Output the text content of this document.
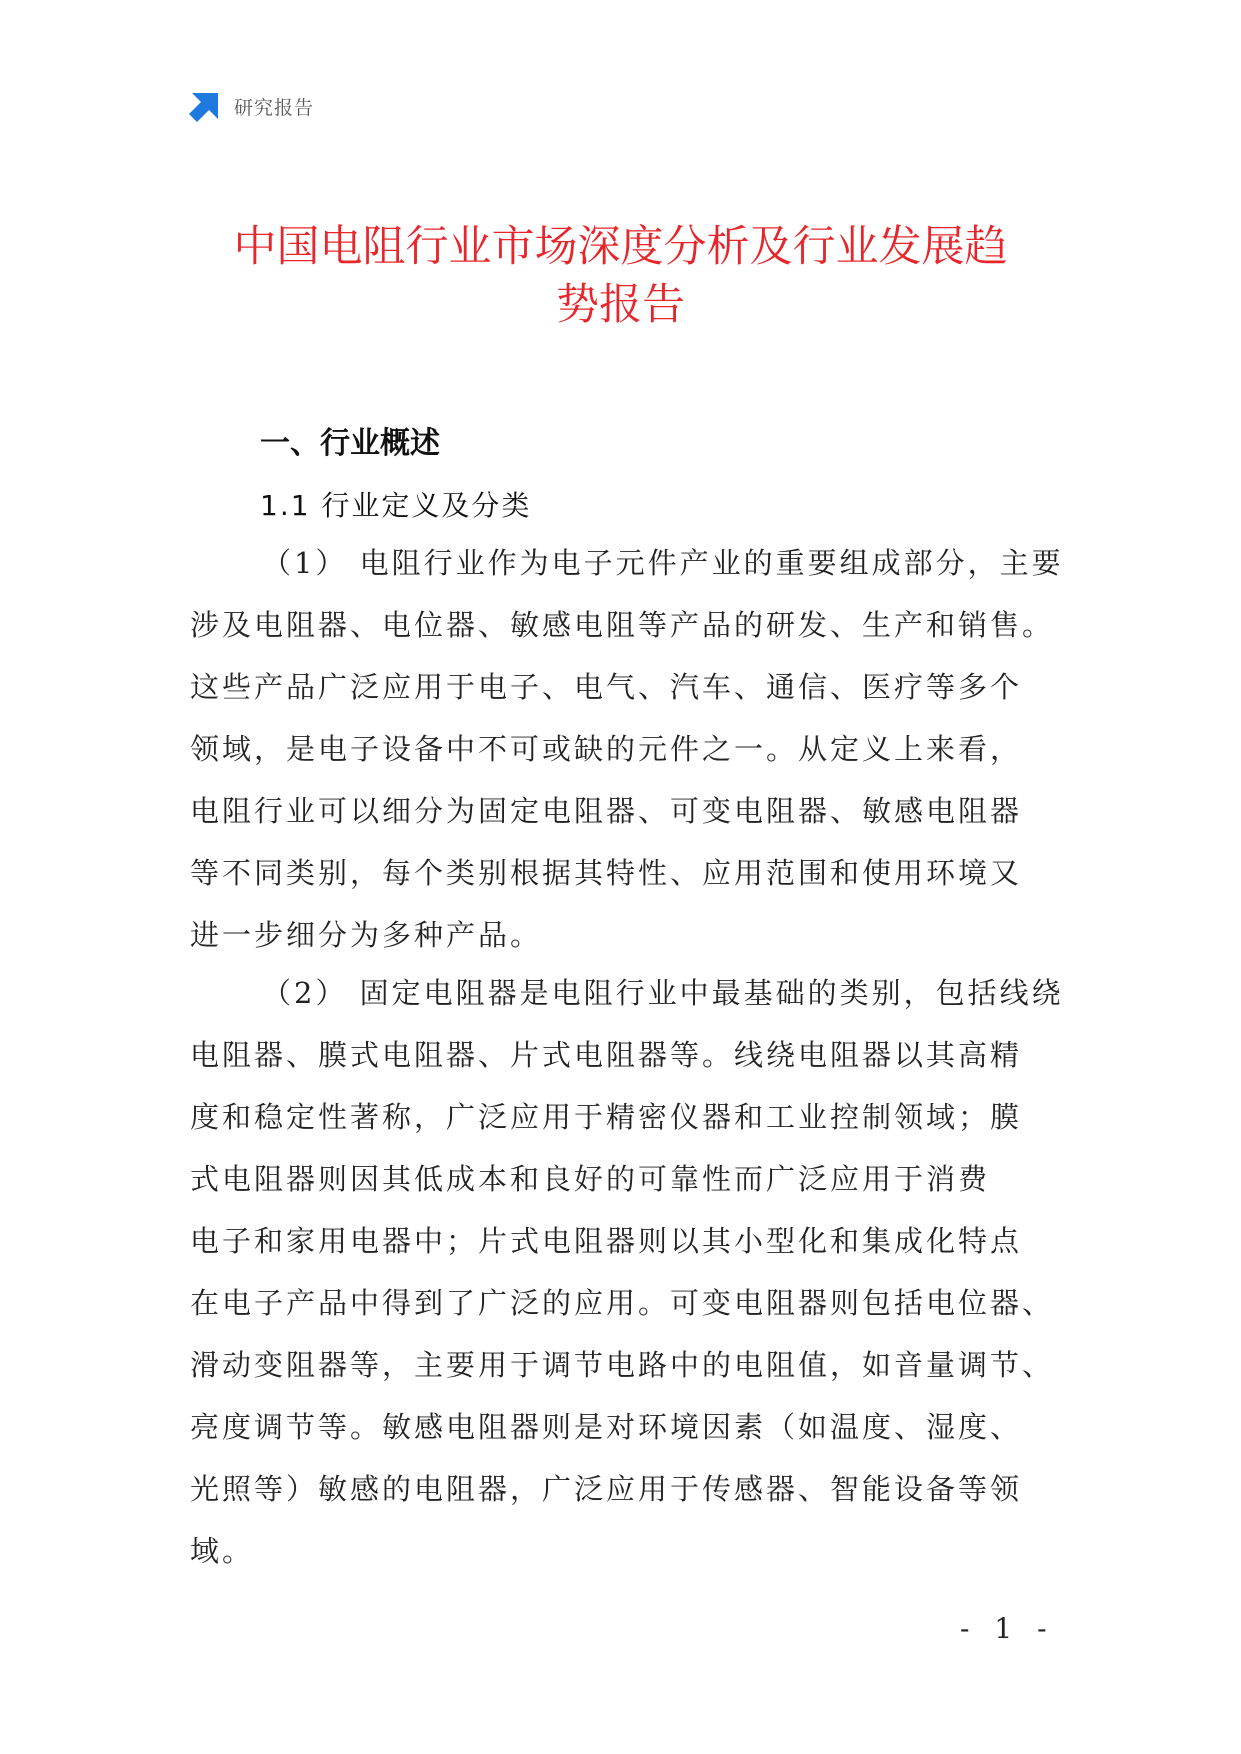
研究报告
中国电阻行业市场深度分析及行业发展趋
势报告
一、行业概述
1.1 行业定义及分类

（1） 电阻行业作为电子元件产业的重要组成部分，主要
涉及电阻器、电位器、敏感电阻等产品的研发、生产和销售。
这些产品广泛应用于电子、电气、汽车、通信、医疗等多个
领域，是电子设备中不可或缺的元件之一。从定义上来看，
电阻行业可以细分为固定电阻器、可变电阻器、敏感电阻器
等不同类别，每个类别根据其特性、应用范围和使用环境又
进一步细分为多种产品。

（2） 固定电阻器是电阻行业中最基础的类别，包括线绕
电阻器、膜式电阻器、片式电阻器等。线绕电阻器以其高精
度和稳定性著称，广泛应用于精密仪器和工业控制领域；膜
式电阻器则因其低成本和良好的可靠性而广泛应用于消费
电子和家用电器中；片式电阻器则以其小型化和集成化特点
在电子产品中得到了广泛的应用。可变电阻器则包括电位器、
滑动变阻器等，主要用于调节电路中的电阻值，如音量调节、
亮度调节等。敏感电阻器则是对环境因素（如温度、湿度、
光照等）敏感的电阻器，广泛应用于传感器、智能设备等领
域。

- 1 -
